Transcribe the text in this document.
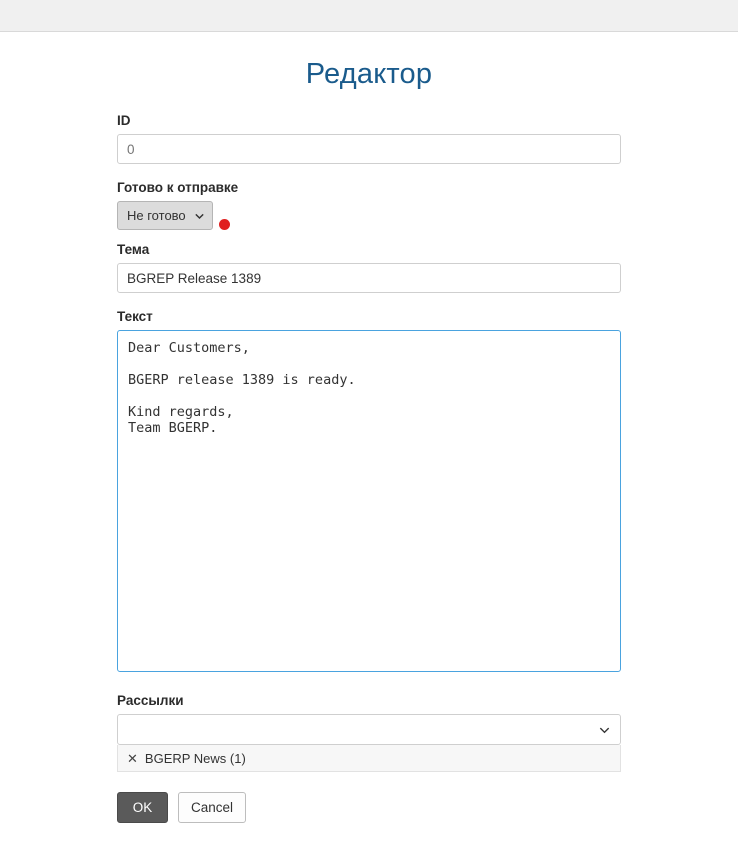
Редактор
ID
0
Готово к отправке
Не готово
Тема
BGREP Release 1389
Текст
Dear Customers, BGERP release 1389 is ready. Kind regards, Team BGERP.
Рассылки
✕ BGERP News (1)
OK	Cancel
